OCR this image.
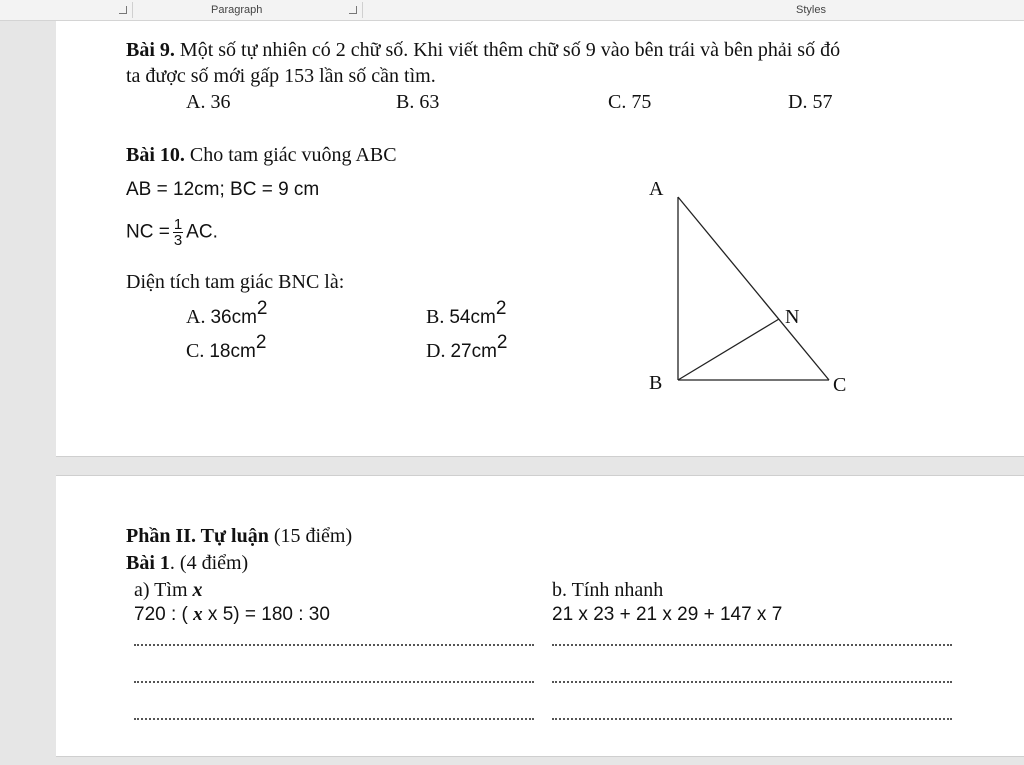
Paragraph	Styles
Bài 9. Một số tự nhiên có 2 chữ số. Khi viết thêm chữ số 9 vào bên trái và bên phải số đó
ta được số mới gấp 153 lần số cần tìm.
A. 36	B. 63	C. 75	D. 57
Bài 10. Cho tam giác vuông ABC
AB = 12cm; BC = 9 cm
NC = $\frac{1}{3}$ AC.
Diện tích tam giác BNC là:
A. $36cm^2$	B. $54cm^2$
C. $18cm^2$	D. $27cm^2$
A
B	C
N
Phần II. Tự luận (15 điểm)
Bài 1. (4 điểm)
a) Tìm x	b. Tính nhanh
720 : ( x x 5) = 180 : 30	21 x 23 + 21 x 29 + 147 x 7
